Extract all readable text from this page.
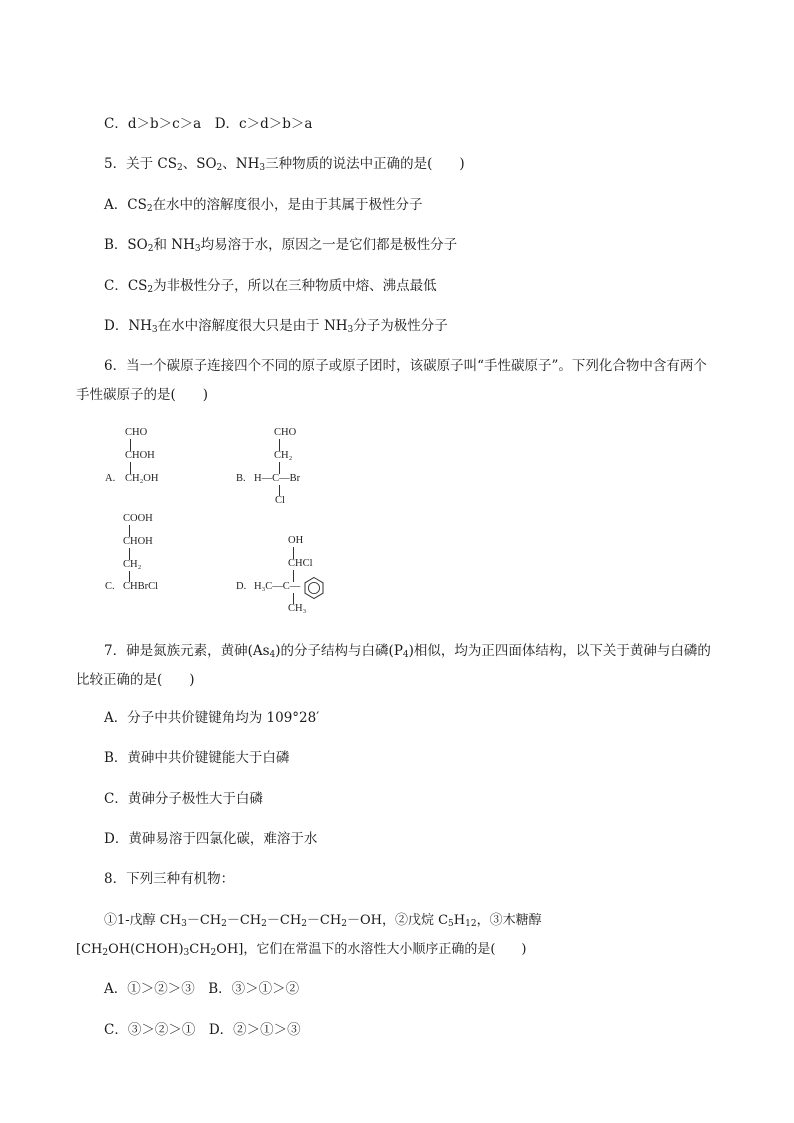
C．d＞b＞c＞a　D．c＞d＞b＞a
5．关于 $CS_2$、$SO_2$、$NH_3$三种物质的说法中正确的是(　　)
A．$CS_2$在水中的溶解度很小，是由于其属于极性分子
B．$SO_2$和 $NH_3$均易溶于水，原因之一是它们都是极性分子
C．$CS_2$为非极性分子，所以在三种物质中熔、沸点最低
D．$NH_3$在水中溶解度很大只是由于 $NH_3$分子为极性分子
6．当一个碳原子连接四个不同的原子或原子团时，该碳原子叫“手性碳原子”。下列化合物中含有两个手性碳原子的是(　　)
CHO
CHOH
A. CH₂OH
CHO
CH₂
B. H—C—Br
Cl
COOH
CHOH
CH₂
C. CHBrCl
OH
CHCl
D. H₃C—C—
CH₃
7．砷是氮族元素，黄砷$(As_4)$的分子结构与白磷$(P_4)$相似，均为正四面体结构，以下关于黄砷与白磷的比较正确的是(　　)
A．分子中共价键键角均为 109°28′
B．黄砷中共价键键能大于白磷
C．黄砷分子极性大于白磷
D．黄砷易溶于四氯化碳，难溶于水
8．下列三种有机物：
①1-戊醇 $CH_3-CH_2-CH_2-CH_2-CH_2-OH$，②戊烷 $C_5H_{12}$，③木糖醇$[CH_2OH(CHOH)_3CH_2OH]$，它们在常温下的水溶性大小顺序正确的是(　　)
A．①＞②＞③　B．③＞①＞②
C．③＞②＞①　D．②＞①＞③
